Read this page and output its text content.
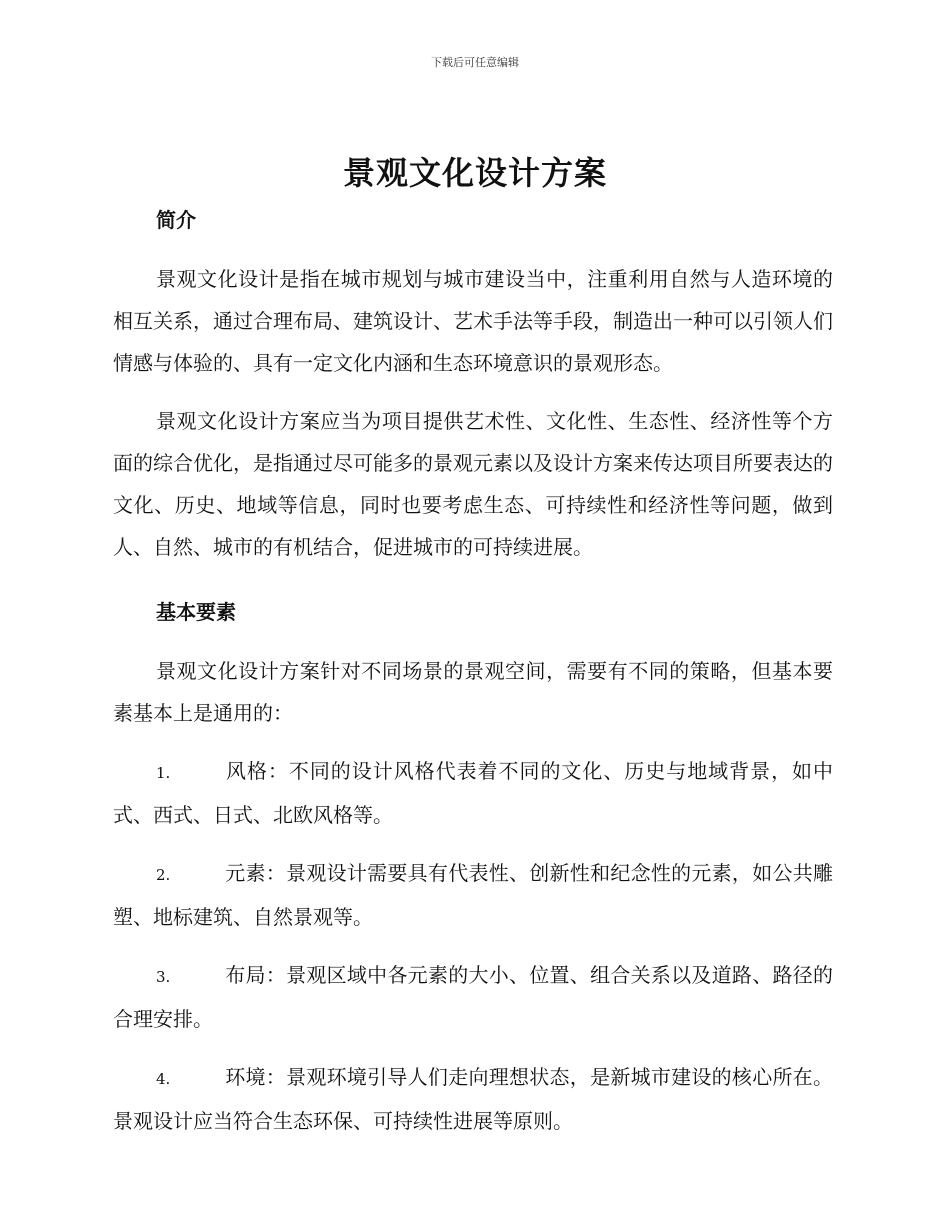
下载后可任意编辑
景观文化设计方案
简介

景观文化设计是指在城市规划与城市建设当中，注重利用自然与人造环境的相互关系，通过合理布局、建筑设计、艺术手法等手段，制造出一种可以引领人们情感与体验的、具有一定文化内涵和生态环境意识的景观形态。

景观文化设计方案应当为项目提供艺术性、文化性、生态性、经济性等个方面的综合优化，是指通过尽可能多的景观元素以及设计方案来传达项目所要表达的文化、历史、地域等信息，同时也要考虑生态、可持续性和经济性等问题，做到人、自然、城市的有机结合，促进城市的可持续进展。

基本要素

景观文化设计方案针对不同场景的景观空间，需要有不同的策略，但基本要素基本上是通用的：

1.	风格：不同的设计风格代表着不同的文化、历史与地域背景，如中式、西式、日式、北欧风格等。

2.	元素：景观设计需要具有代表性、创新性和纪念性的元素，如公共雕塑、地标建筑、自然景观等。

3.	布局：景观区域中各元素的大小、位置、组合关系以及道路、路径的合理安排。

4.	环境：景观环境引导人们走向理想状态，是新城市建设的核心所在。景观设计应当符合生态环保、可持续性进展等原则。
